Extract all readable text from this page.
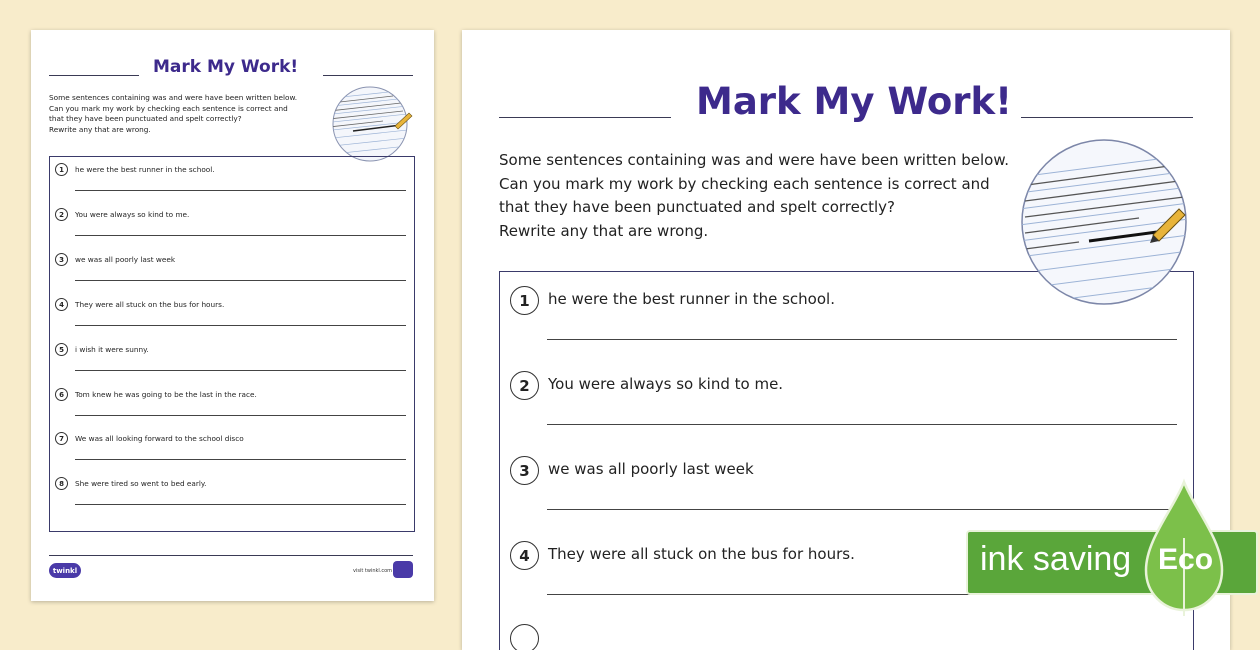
Mark My Work!
Some sentences containing was and were have been written below.
Can you mark my work by checking each sentence is correct and
that they have been punctuated and spelt correctly?
Rewrite any that are wrong.
1	he were the best runner in the school.
2	You were always so kind to me.
3	we was all poorly last week
4	They were all stuck on the bus for hours.
5	i wish it were sunny.
6	Tom knew he was going to be the last in the race.
7	We was all looking forward to the school disco
8	She were tired so went to bed early.
twinkl	visit twinkl.com
Mark My Work!
Some sentences containing was and were have been written below.
Can you mark my work by checking each sentence is correct and
that they have been punctuated and spelt correctly?
Rewrite any that are wrong.
1	he were the best runner in the school.
2	You were always so kind to me.
3	we was all poorly last week
4	They were all stuck on the bus for hours.	ink saving Eco
